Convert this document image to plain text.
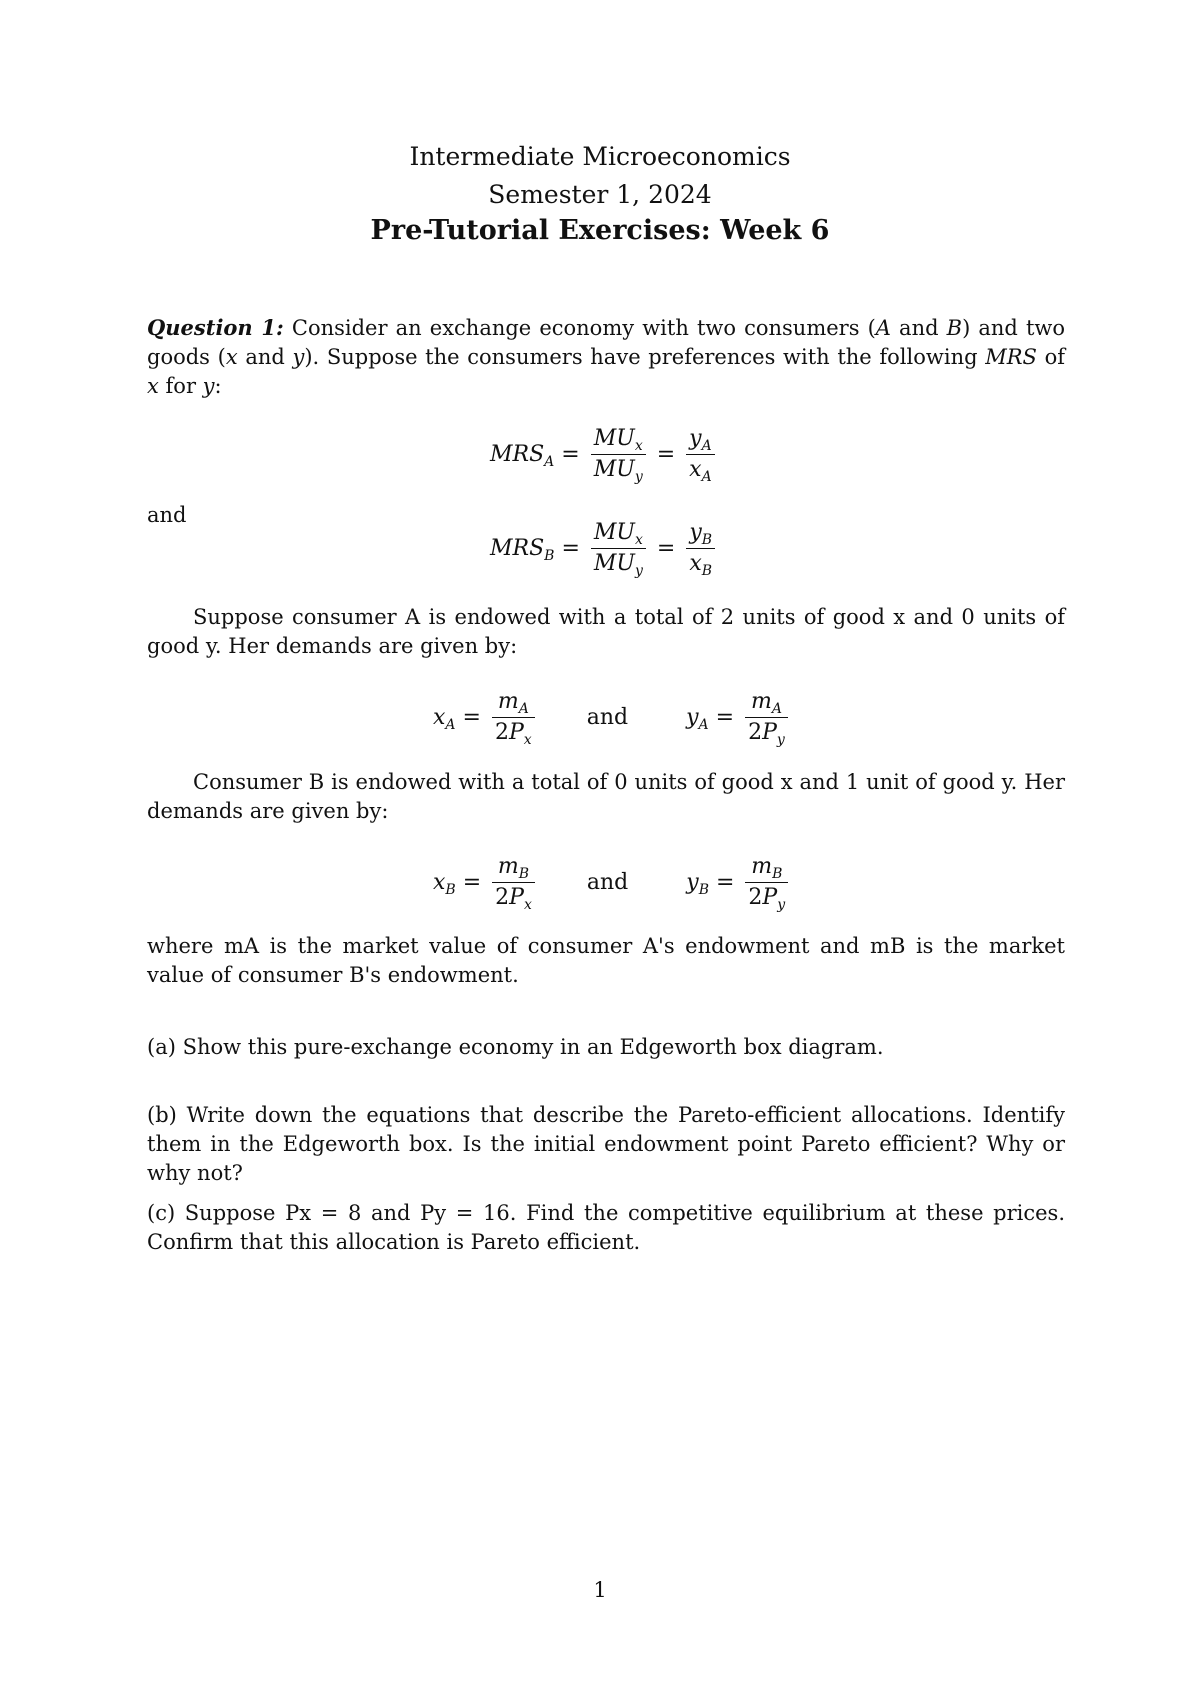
Intermediate Microeconomics

Semester 1, 2024

Pre-Tutorial Exercises: Week 6

Question 1: Consider an exchange economy with two consumers (A and B) and two goods (x and y). Suppose the consumers have preferences with the following MRS of x for y:

$MRS_A = \frac{MU_x}{MU_y} = \frac{y_A}{x_A}$

and

$MRS_B = \frac{MU_x}{MU_y} = \frac{y_B}{x_B}$

Suppose consumer A is endowed with a total of 2 units of good x and 0 units of good y. Her demands are given by:

$x_A = \frac{m_A}{2P_x}$ and	$y_A = \frac{m_A}{2P_y}$

Consumer B is endowed with a total of 0 units of good x and 1 unit of good y. Her demands are given by:

$x_B = \frac{m_B}{2P_x}$ and	$y_B = \frac{m_B}{2P_y}$

where mA is the market value of consumer A's endowment and mB is the market value of consumer B's endowment.

(a) Show this pure-exchange economy in an Edgeworth box diagram.

(b) Write down the equations that describe the Pareto-efficient allocations. Identify them in the Edgeworth box. Is the initial endowment point Pareto efficient? Why or why not?

(c) Suppose Px = 8 and Py = 16. Find the competitive equilibrium at these prices. Confirm that this allocation is Pareto efficient.

1
